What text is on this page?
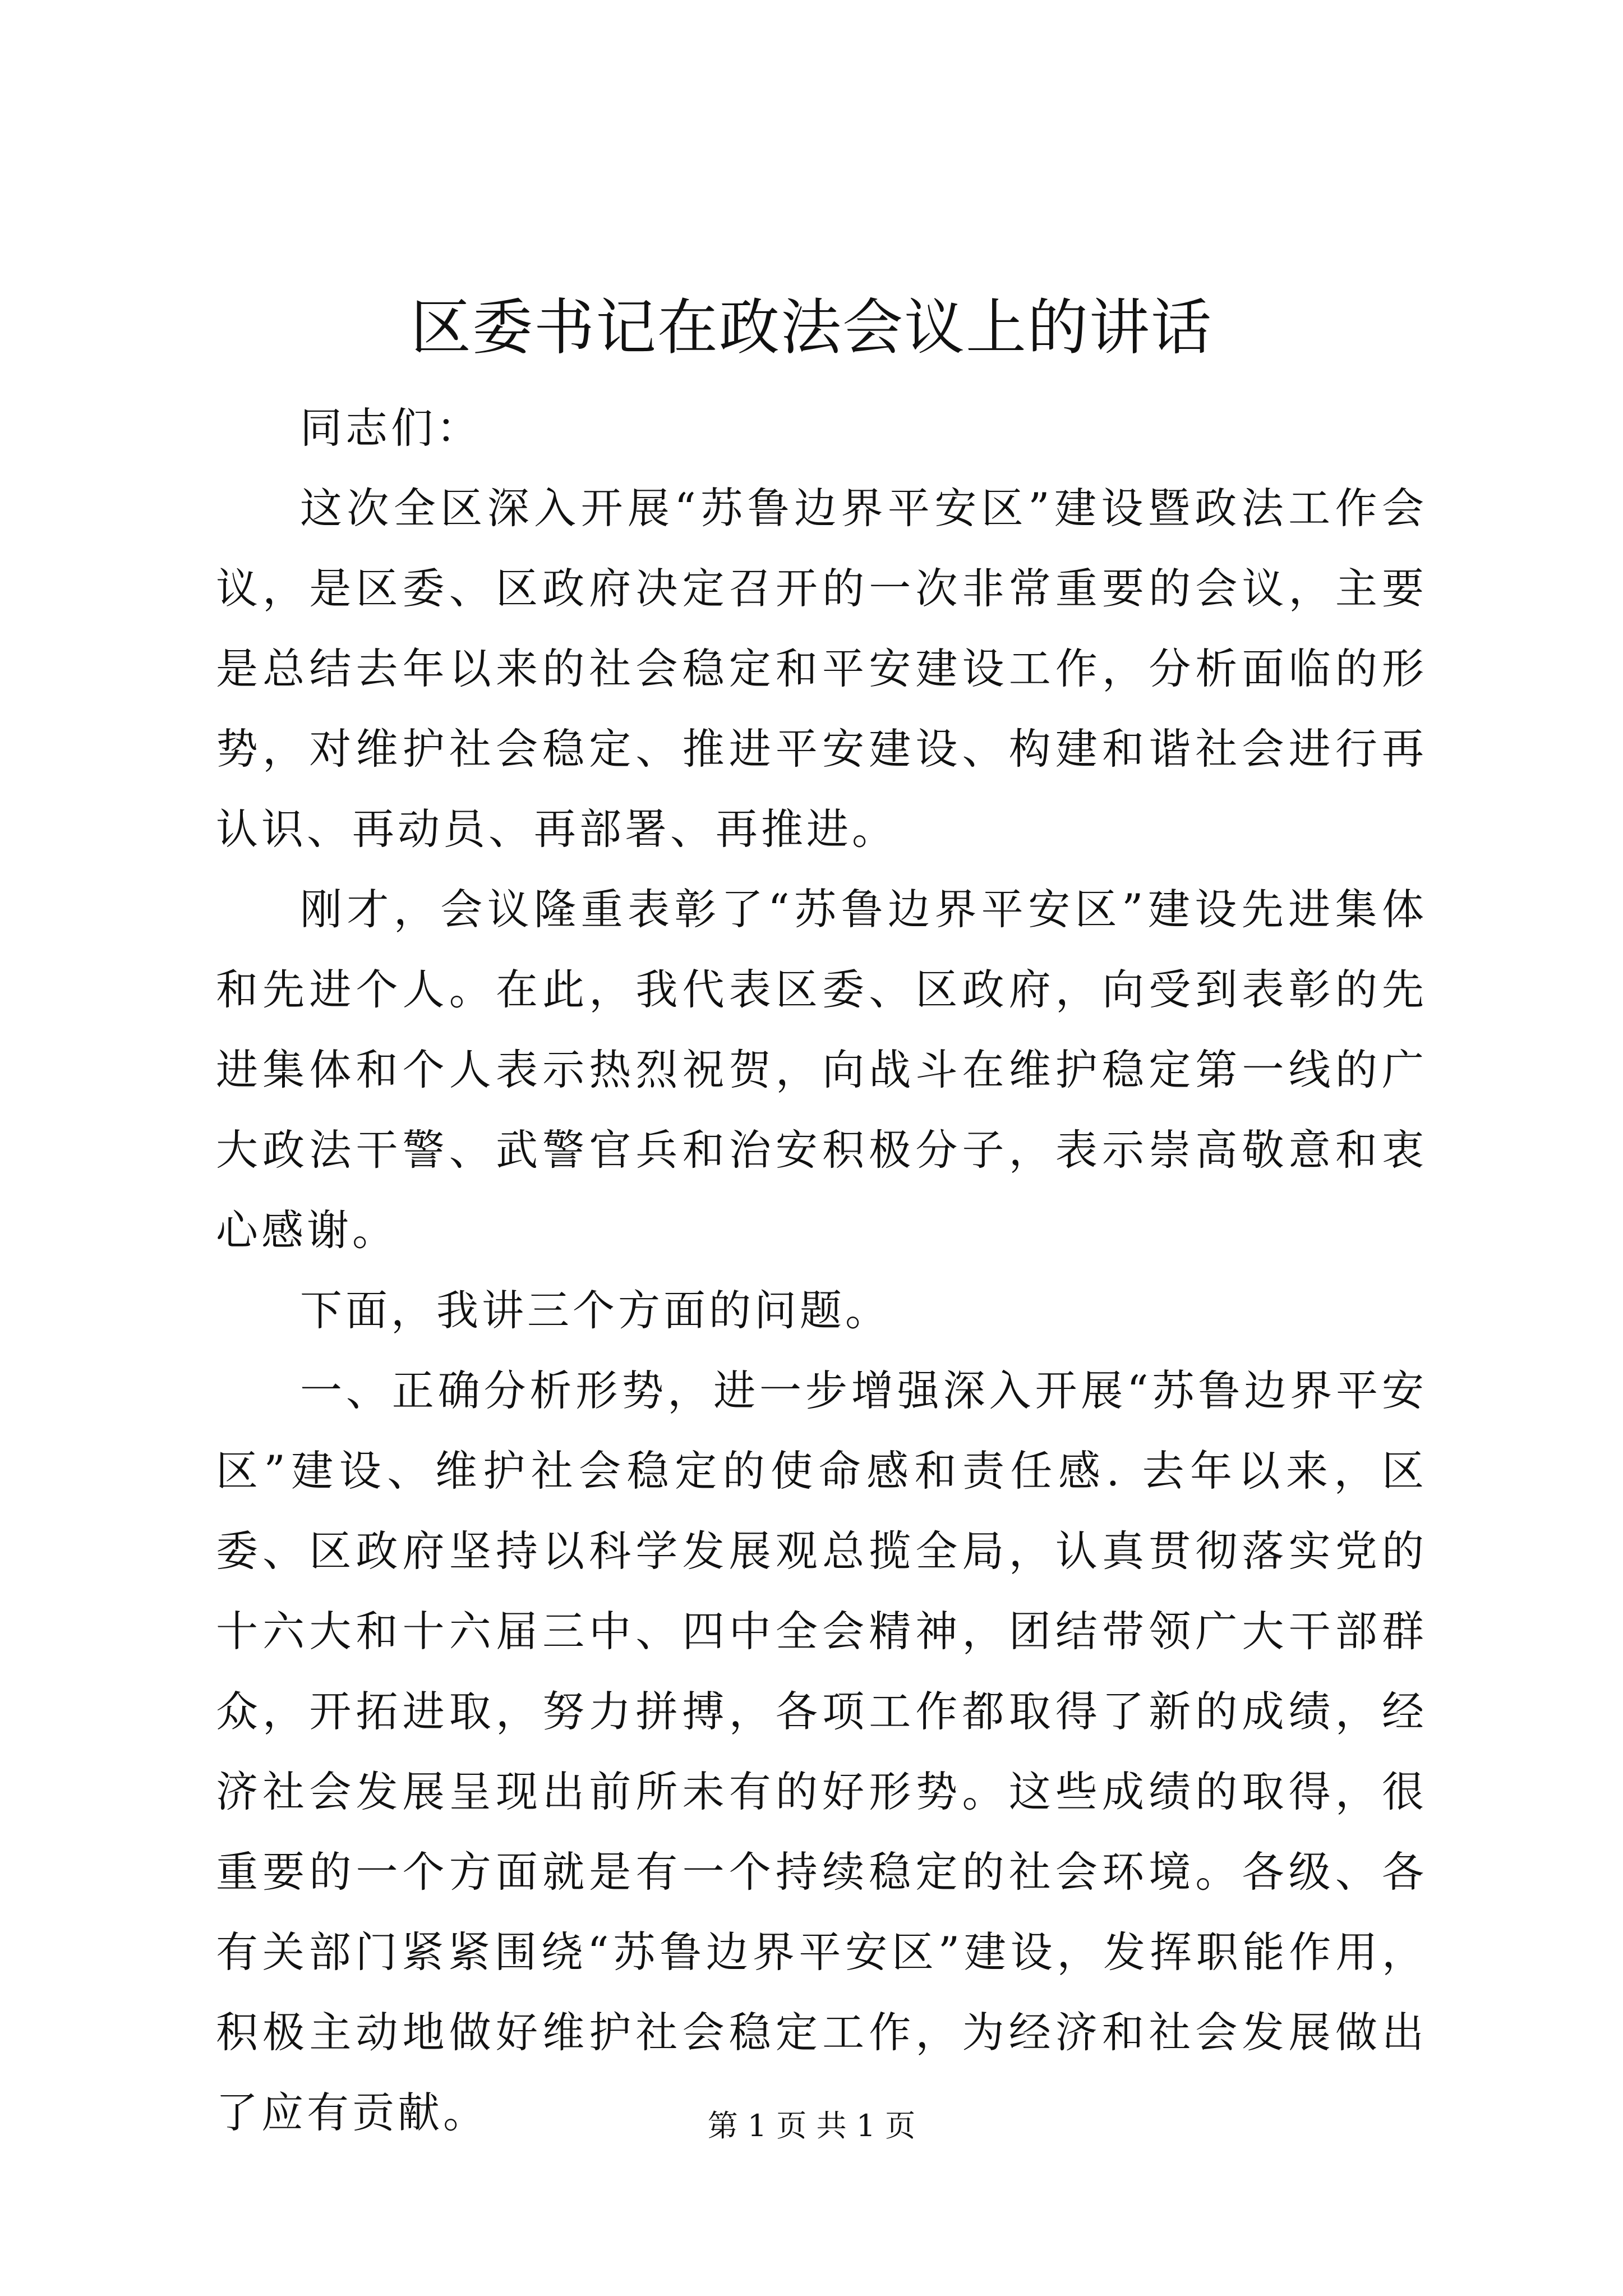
区委书记在政法会议上的讲话

同志们：

这次全区深入开展“苏鲁边界平安区”建设暨政法工作会议，是区委、区政府决定召开的一次非常重要的会议，主要是总结去年以来的社会稳定和平安建设工作，分析面临的形势，对维护社会稳定、推进平安建设、构建和谐社会进行再认识、再动员、再部署、再推进。

刚才，会议隆重表彰了“苏鲁边界平安区”建设先进集体和先进个人。在此，我代表区委、区政府，向受到表彰的先进集体和个人表示热烈祝贺，向战斗在维护稳定第一线的广大政法干警、武警官兵和治安积极分子，表示崇高敬意和衷心感谢。

下面，我讲三个方面的问题。

一、正确分析形势，进一步增强深入开展“苏鲁边界平安区”建设、维护社会稳定的使命感和责任感. 去年以来，区委、区政府坚持以科学发展观总揽全局，认真贯彻落实党的十六大和十六届三中、四中全会精神，团结带领广大干部群众，开拓进取，努力拼搏，各项工作都取得了新的成绩，经济社会发展呈现出前所未有的好形势。这些成绩的取得，很重要的一个方面就是有一个持续稳定的社会环境。各级、各有关部门紧紧围绕“苏鲁边界平安区”建设，发挥职能作用，积极主动地做好维护社会稳定工作，为经济和社会发展做出了应有贡献。	第 1 页 共 1 页
